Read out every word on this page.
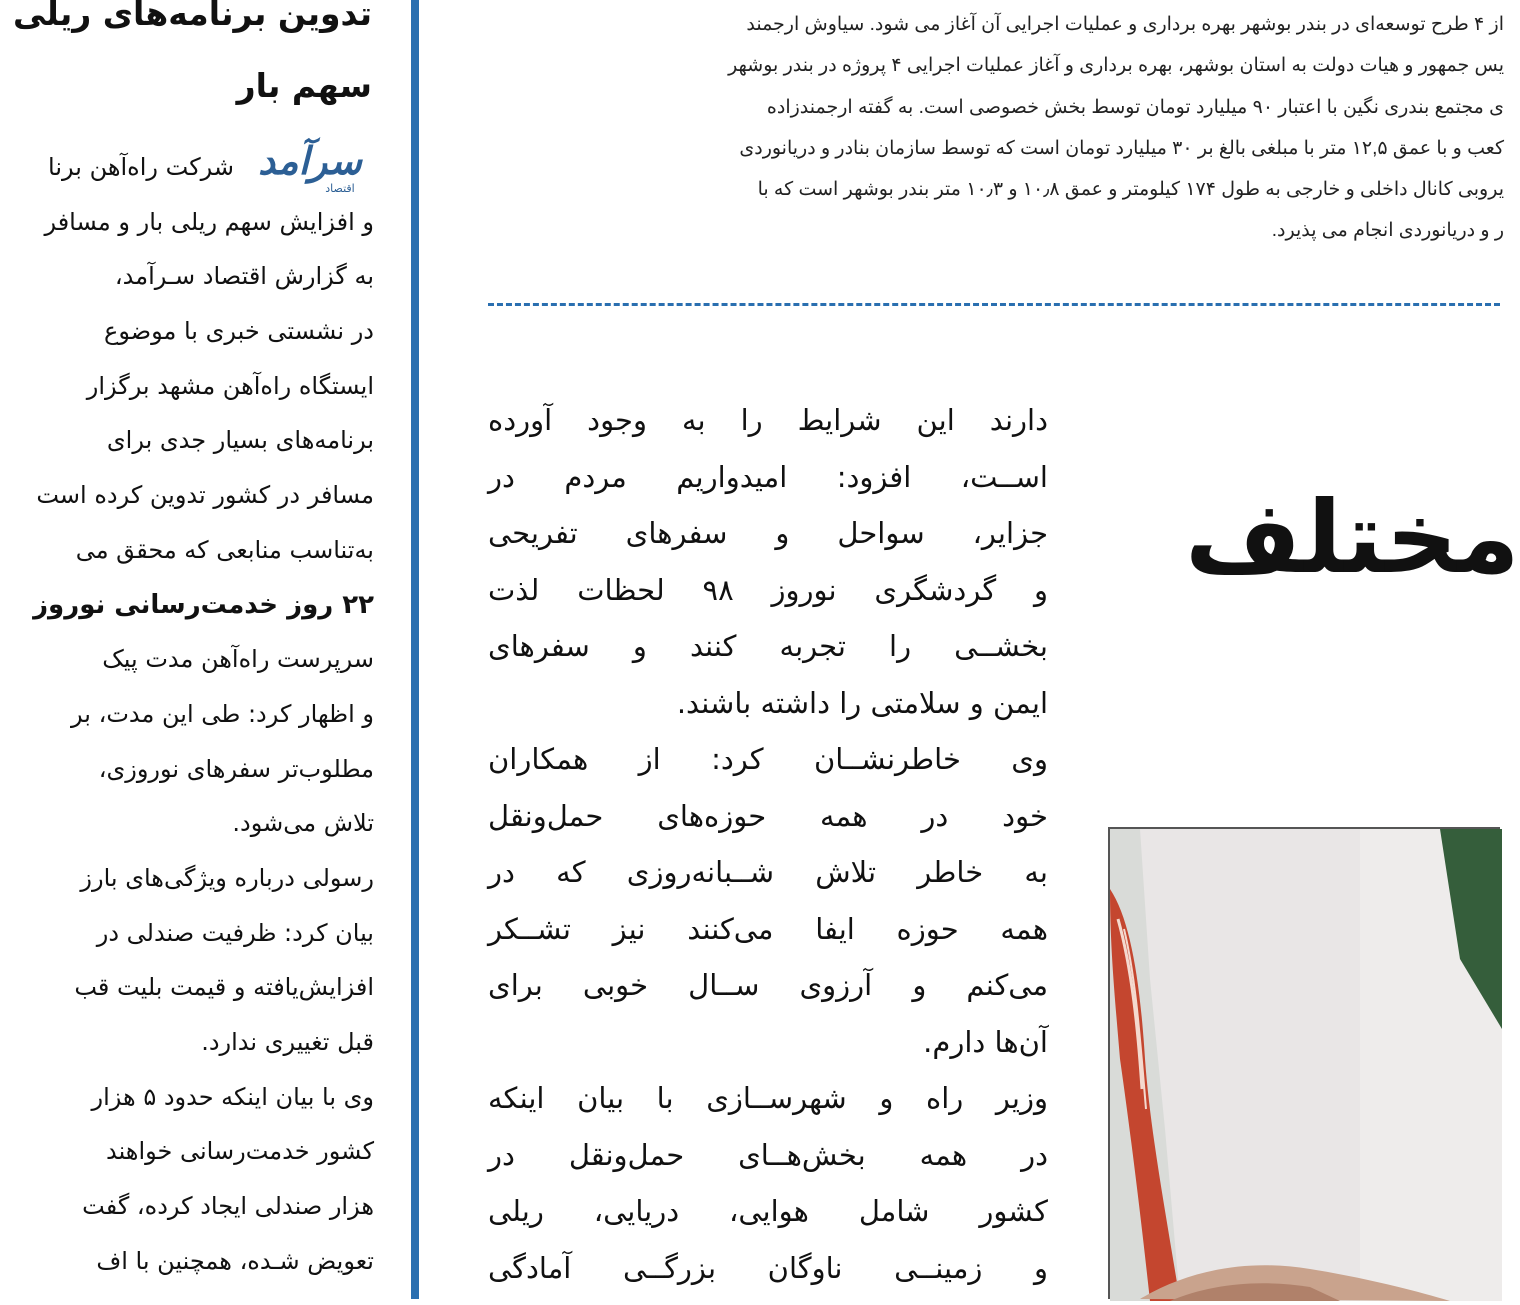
تدوین برنامه‌های ریلی
سهم بار
سرآمد
اقتصاد
شرکت راه‌آهن برنا
و افزایش سهم ریلی بار و مسافر
به گزارش اقتصاد سـرآمد،
در نشستی خبری با موضوع
ایستگاه راه‌آهن مشهد برگزار
برنامه‌های بسیار جدی برای
مسافر در کشور تدوین کرده است
به‌تناسب منابعی که محقق می
۲۲ روز خدمت‌رسانی نوروز
سرپرست راه‌آهن مدت پیک
و اظهار کرد: طی این مدت، بر
مطلوب‌تر سفرهای نوروزی،
تلاش می‌شود.
رسولی درباره ویژگی‌های بارز
بیان کرد: ظرفیت صندلی در
افزایش‌یافته و قیمت بلیت قب
قبل تغییری ندارد.
وی با بیان اینکه حدود ۵ هزار
کشور خدمت‌رسانی خواهند
هزار صندلی ایجاد کرده، گفت
تعویض شـده، همچنین با اف
از ۴ طرح توسعه‌ای در بندر بوشهر بهره برداری و عملیات اجرایی آن آغاز می شود. سیاوش ارجمند
یس جمهور و هیات دولت به استان بوشهر، بهره برداری و آغاز عملیات اجرایی ۴ پروژه در بندر بوشهر
ی مجتمع بندری نگین با اعتبار ۹۰ میلیارد تومان توسط بخش خصوصی است. به گفته ارجمندزاده
کعب و با عمق ۱۲,۵ متر با مبلغی بالغ بر ۳۰ میلیارد تومان است که توسط سازمان بنادر و دریانوردی
یروبی کانال داخلی و خارجی به طول ۱۷۴ کیلومتر و عمق ۱۰٫۸ و ۱۰٫۳ متر بندر بوشهر است که با
ر و دریانوردی انجام می پذیرد.
دارند این شرایط را به وجود آورده
اســت، افزود: امیدواریم مردم در
جزایر، سواحل و سفرهای تفریحی
و گردشگری نوروز ۹۸ لحظات لذت
بخشــی را تجربه کنند و سفرهای
ایمن و سلامتی را داشته باشند.
وی خاطرنشــان کرد: از همکاران
خود در همه حوزه‌های حمل‌ونقل
به خاطر تلاش شــبانه‌روزی که در
همه حوزه ایفا می‌کنند نیز تشــکر
می‌کنم و آرزوی ســال خوبی برای
آن‌ها دارم.
وزیر راه و شهرســازی با بیان اینکه
در همه بخش‌هــای حمل‌ونقل در
کشور شامل هوایی، دریایی، ریلی
و زمینــی ناوگان بزرگــی آمادگی
مختلف
